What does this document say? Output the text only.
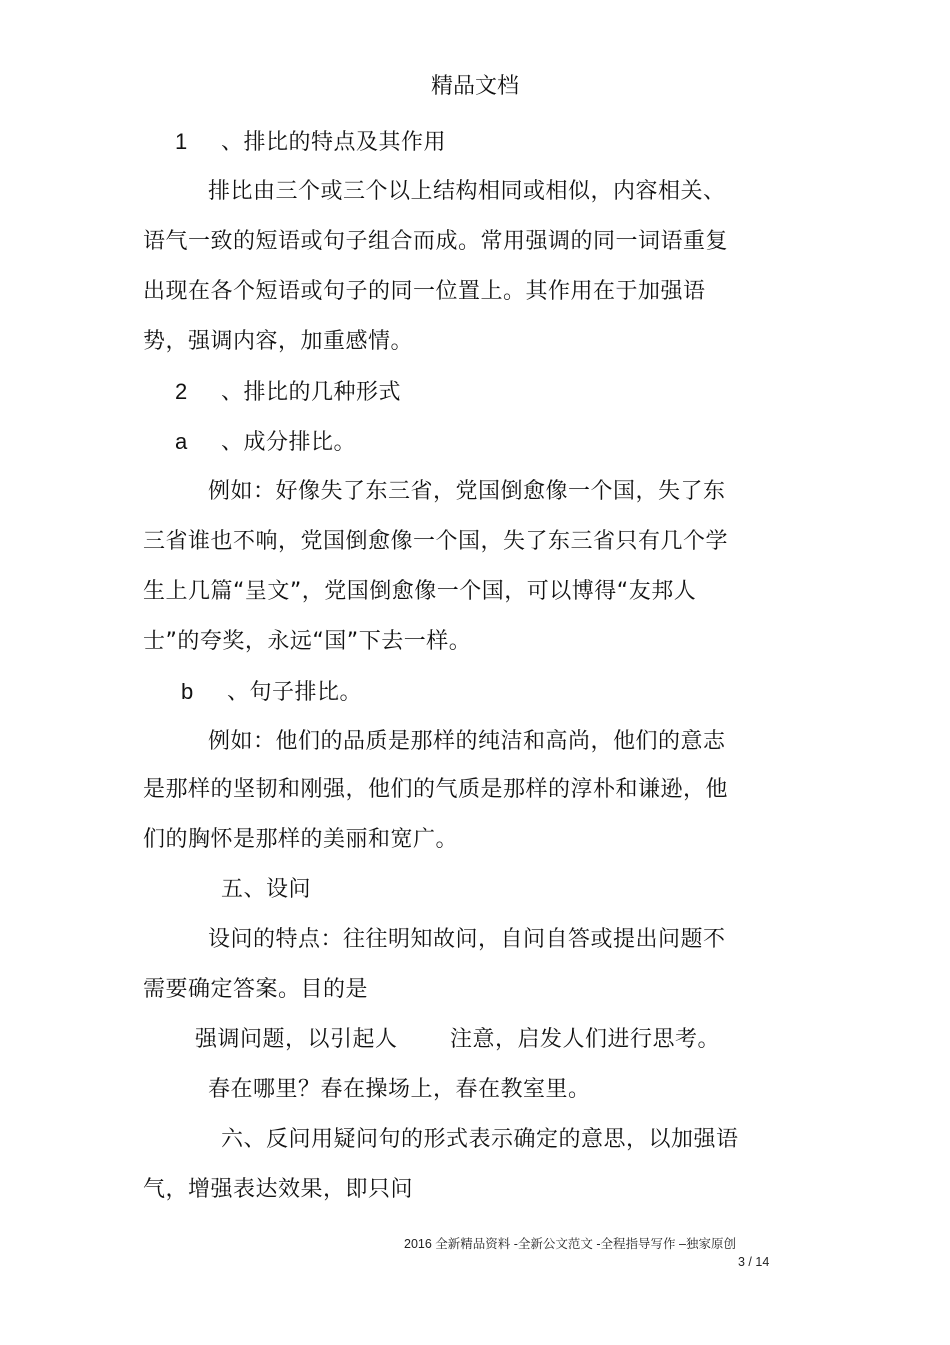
精品文档
1 、排比的特点及其作用
排比由三个或三个以上结构相同或相似，内容相关、
语气一致的短语或句子组合而成。常用强调的同一词语重复
出现在各个短语或句子的同一位置上。其作用在于加强语
势，强调内容，加重感情。
2 、排比的几种形式
a 、成分排比。
例如：好像失了东三省，党国倒愈像一个国，失了东
三省谁也不响，党国倒愈像一个国，失了东三省只有几个学
生上几篇“呈文”，党国倒愈像一个国，可以博得“友邦人
士”的夸奖，永远“国”下去一样。
b 、句子排比。
例如：他们的品质是那样的纯洁和高尚，他们的意志
是那样的坚韧和刚强，他们的气质是那样的淳朴和谦逊，他
们的胸怀是那样的美丽和宽广。
五、设问
设问的特点：往往明知故问，自问自答或提出问题不
需要确定答案。目的是
强调问题，以引起人 注意，启发人们进行思考。
春在哪里？春在操场上，春在教室里。
六、反问用疑问句的形式表示确定的意思，以加强语
气，增强表达效果，即只问
2016 全新精品资料 -全新公文范文 -全程指导写作 –独家原创
3 / 14
